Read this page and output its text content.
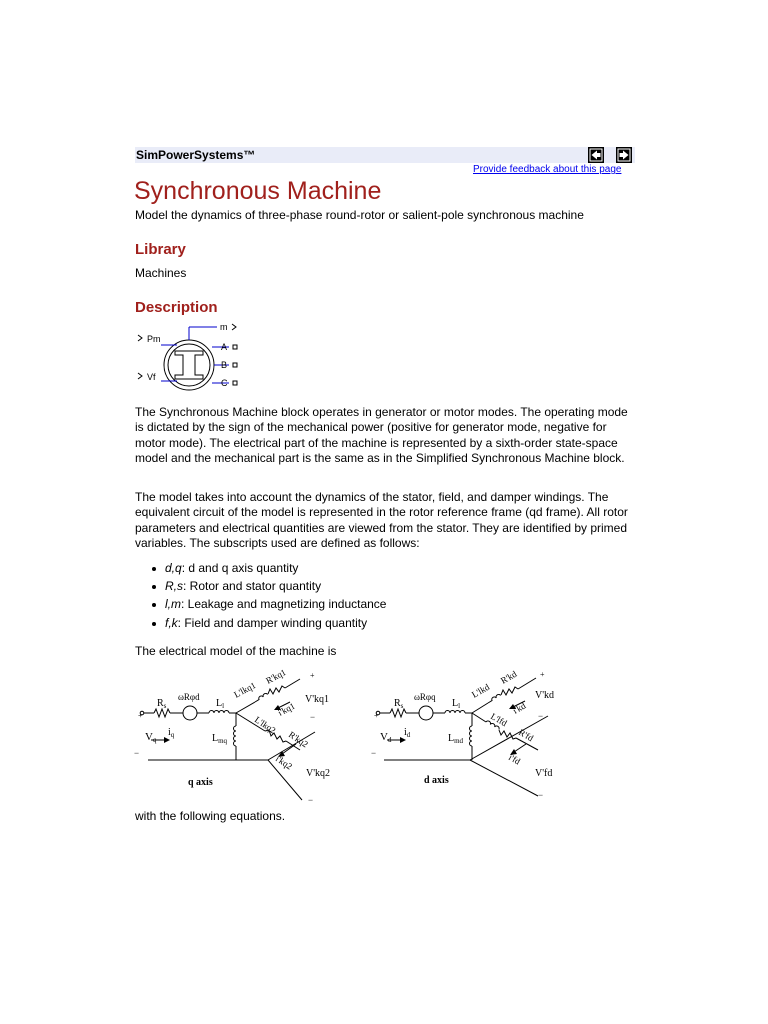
SimPowerSystems™
Provide feedback about this page
Synchronous Machine
Model the dynamics of three-phase round-rotor or salient-pole synchronous machine
Library
Machines
Description
Pm
Vf
m
A
B
C

The Synchronous Machine block operates in generator or motor modes. The operating mode is dictated by the sign of the mechanical power (positive for generator mode, negative for motor mode). The electrical part of the machine is represented by a sixth-order state-space model and the mechanical part is the same as in the Simplified Synchronous Machine block.

The model takes into account the dynamics of the stator, field, and damper windings. The equivalent circuit of the model is represented in the rotor reference frame (qd frame). All rotor parameters and electrical quantities are viewed from the stator. They are identified by primed variables. The subscripts used are defined as follows:

d,q: d and q axis quantity
R,s: Rotor and stator quantity
l,m: Leakage and magnetizing inductance
f,k: Field and damper winding quantity

The electrical model of the machine is

+
−
+
−
−
$R_s$
ωRφd
$L_l$
$L_{mq}$
Vq
$i_q$
L'lkq1
R'kq1
i'kq1
V'kq1
L'lkq2
R'kq2
i'kq2
V'kq2
q axis
+
−
+
−
−
$R_s$
ωRφq
$L_l$
$L_{md}$
Vd
$i_d$
L'lkd
R'kd
i'kd
V'kd
L'lfd
R'fd
i'fd
V'fd
d axis

with the following equations.
